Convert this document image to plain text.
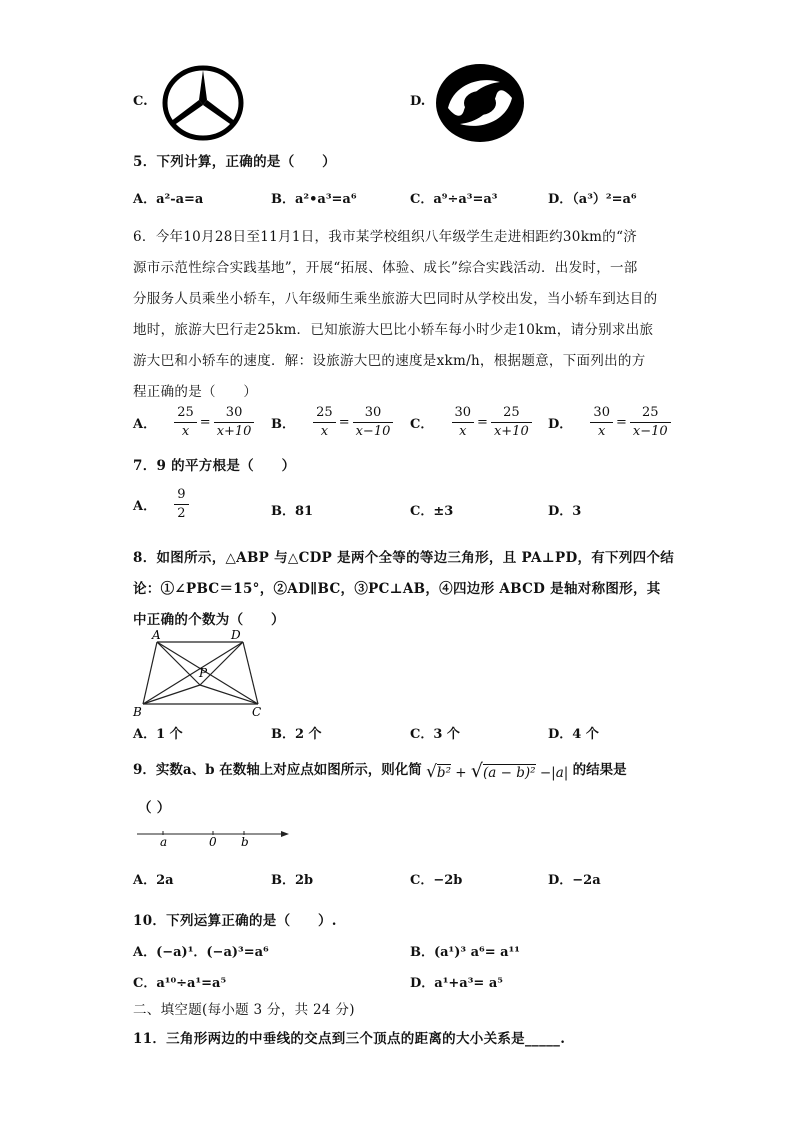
C.	D.
5．下列计算，正确的是（　　）
A．a²-a=a	B．a²•a³=a⁶	C．a⁹÷a³=a³	D．（a³）²=a⁶
6．今年10月28日至11月1日，我市某学校组织八年级学生走进相距约30km的“济
源市示范性综合实践基地”，开展“拓展、体验、成长”综合实践活动．出发时，一部
分服务人员乘坐小轿车，八年级师生乘坐旅游大巴同时从学校出发，当小轿车到达目的
地时，旅游大巴行走25km．已知旅游大巴比小轿车每小时少走10km，请分别求出旅
游大巴和小轿车的速度．解：设旅游大巴的速度是xkm/h，根据题意，下面列出的方
程正确的是（　　）
A． $\frac{25}{x} = \frac{30}{x+10}$ B． $\frac{25}{x} = \frac{30}{x-10}$ C． $\frac{30}{x} = \frac{25}{x+10}$ D． $\frac{30}{x} = \frac{25}{x-10}$
7．9 的平方根是（　　）
A． $\frac{9}{2}$	B．81	C．±3	D．3
8．如图所示，△ABP 与△CDP 是两个全等的等边三角形，且 PA⊥PD，有下列四个结
论：①∠PBC＝15°，②AD∥BC，③PC⊥AB，④四边形 ABCD 是轴对称图形，其
中正确的个数为（　　）
A	D
P
B	C
A．1 个	B．2 个	C．3 个	D．4 个
9．实数a、b 在数轴上对应点如图所示，则化简 √b² + √(a − b)² −|a| 的结果是
（ ）
a	0 b
A．2a	B．2b	C．−2b	D．−2a
10．下列运算正确的是（　　）.
A．(−a)¹．(−a)³=a⁶	B．(a¹)³ a⁶= a¹¹
C．a¹⁰÷a¹=a⁵	D．a¹+a³= a⁵
二、填空题(每小题 3 分，共 24 分)
11．三角形两边的中垂线的交点到三个顶点的距离的大小关系是_____.
